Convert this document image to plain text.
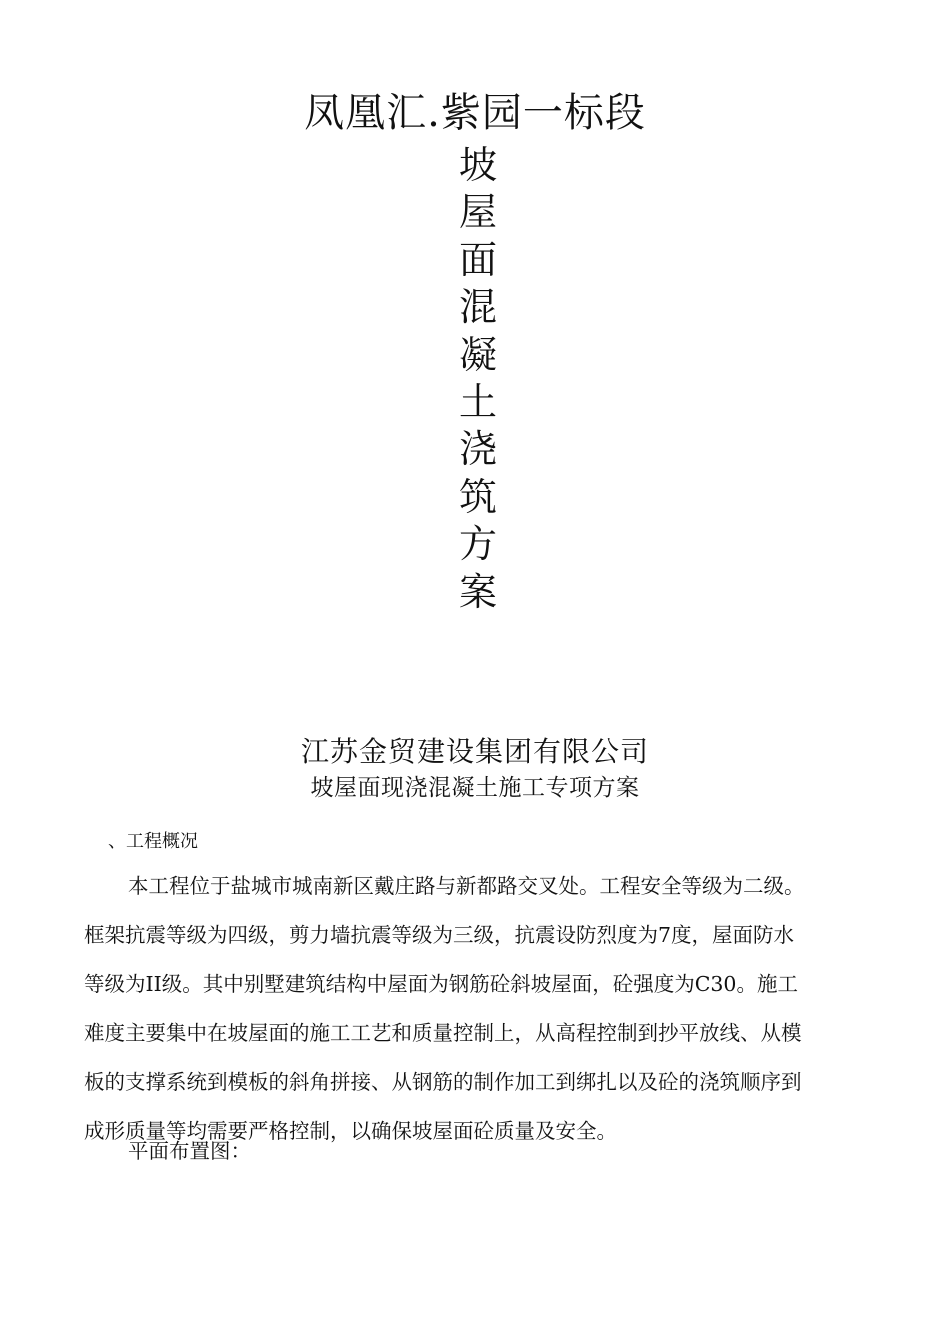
凤凰汇.紫园一标段
坡
屋
面
混
凝
土
浇
筑
方
案
江苏金贸建设集团有限公司
坡屋面现浇混凝土施工专项方案
、工程概况
本工程位于盐城市城南新区戴庄路与新都路交叉处。工程安全等级为二级。
框架抗震等级为四级，剪力墙抗震等级为三级，抗震设防烈度为7度，屋面防水
等级为II级。其中别墅建筑结构中屋面为钢筋砼斜坡屋面，砼强度为C30。施工
难度主要集中在坡屋面的施工工艺和质量控制上，从高程控制到抄平放线、从模
板的支撑系统到模板的斜角拼接、从钢筋的制作加工到绑扎以及砼的浇筑顺序到
成形质量等均需要严格控制，以确保坡屋面砼质量及安全。
平面布置图：
